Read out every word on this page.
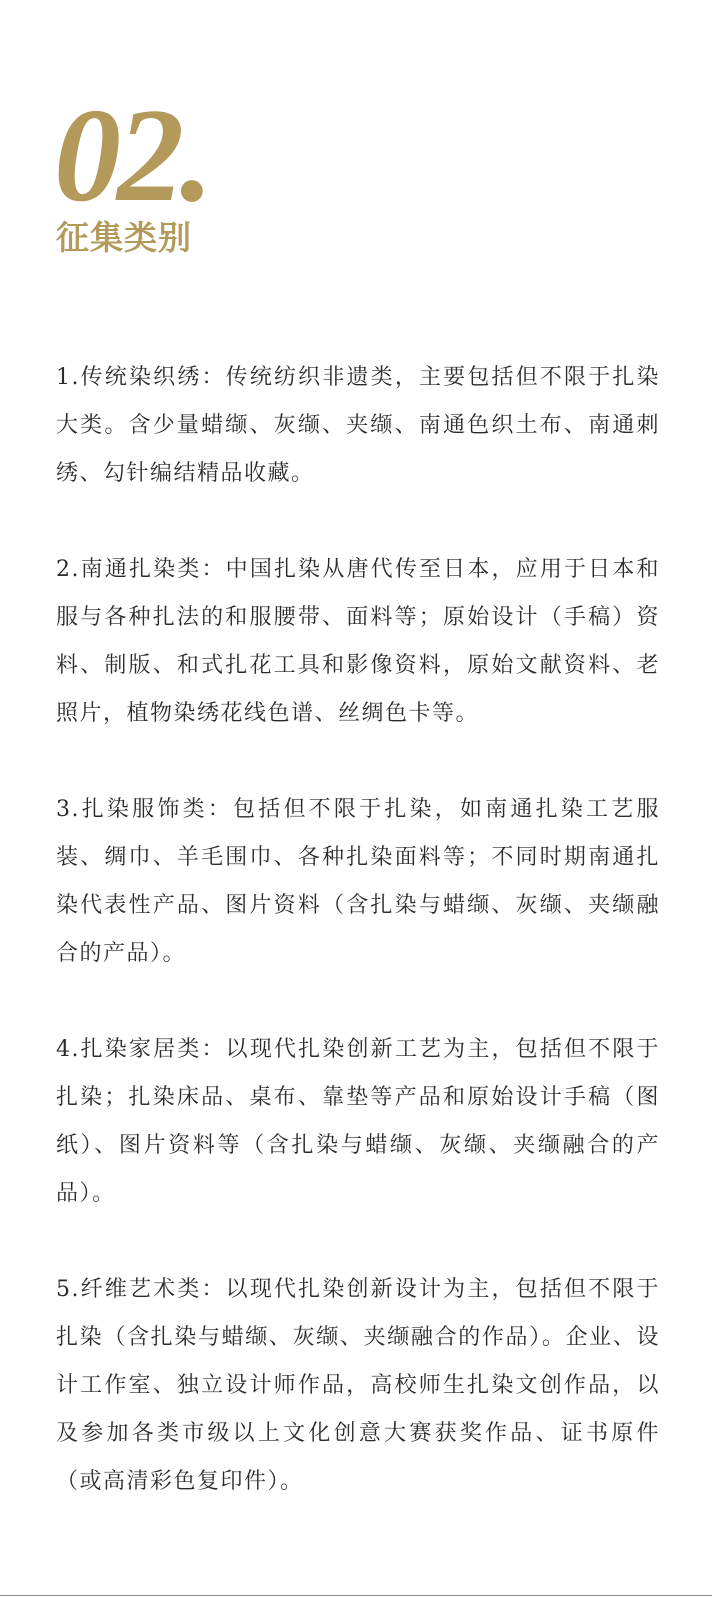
02.
征集类别

1.传统染织绣：传统纺织非遗类，主要包括但不限于扎染大类。含少量蜡缬、灰缬、夹缬、南通色织土布、南通刺绣、勾针编结精品收藏。

2.南通扎染类：中国扎染从唐代传至日本，应用于日本和服与各种扎法的和服腰带、面料等；原始设计（手稿）资料、制版、和式扎花工具和影像资料，原始文献资料、老照片，植物染绣花线色谱、丝绸色卡等。

3.扎染服饰类：包括但不限于扎染，如南通扎染工艺服装、绸巾、羊毛围巾、各种扎染面料等；不同时期南通扎染代表性产品、图片资料（含扎染与蜡缬、灰缬、夹缬融合的产品）。

4.扎染家居类：以现代扎染创新工艺为主，包括但不限于扎染；扎染床品、桌布、靠垫等产品和原始设计手稿（图纸）、图片资料等（含扎染与蜡缬、灰缬、夹缬融合的产品）。

5.纤维艺术类：以现代扎染创新设计为主，包括但不限于扎染（含扎染与蜡缬、灰缬、夹缬融合的作品）。企业、设计工作室、独立设计师作品，高校师生扎染文创作品，以及参加各类市级以上文化创意大赛获奖作品、证书原件（或高清彩色复印件）。
